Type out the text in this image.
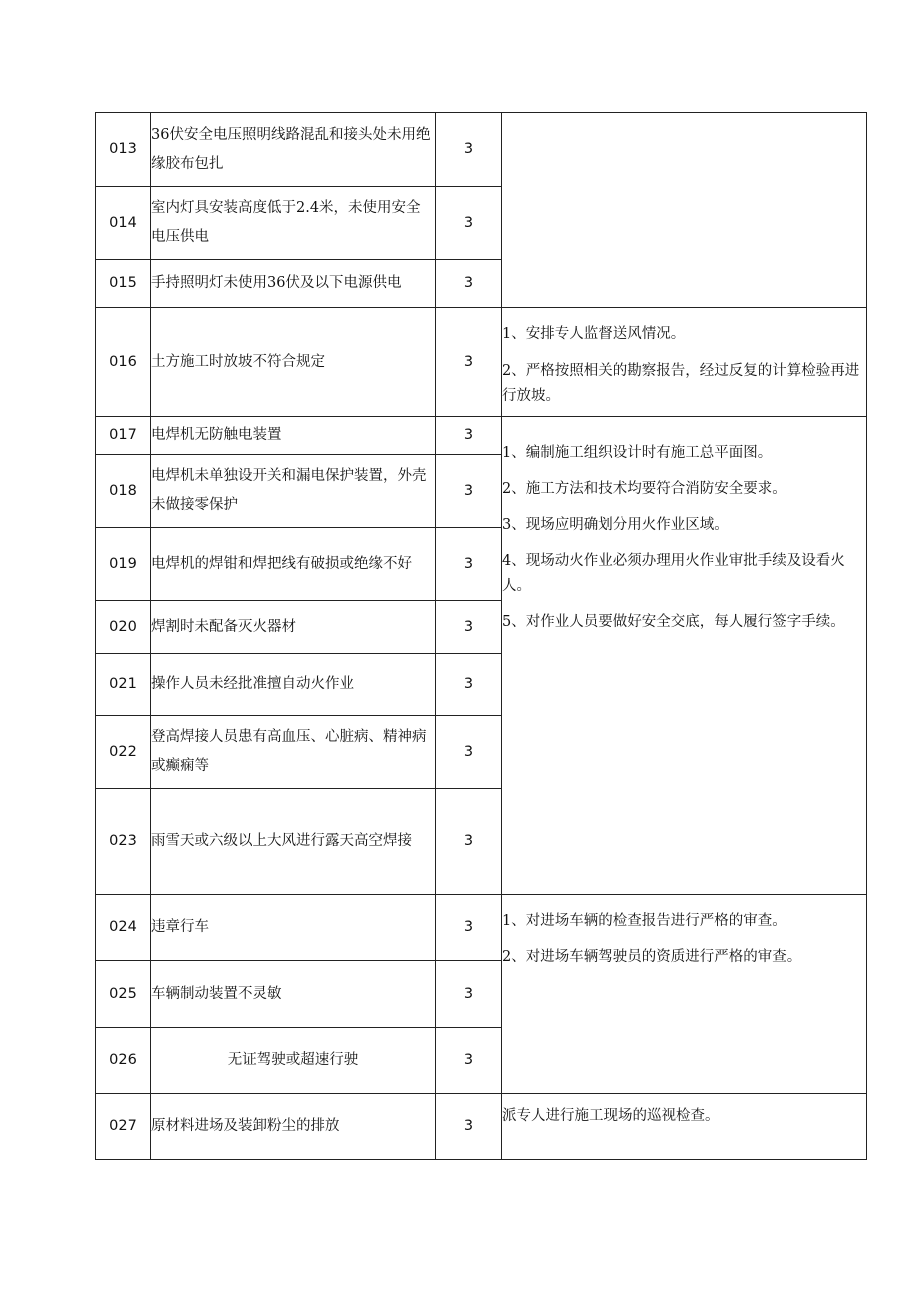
013	36伏安全电压照明线路混乱和接头处未用绝缘胶布包扎	3	
014	室内灯具安装高度低于2.4米，未使用安全电压供电	3	
015	手持照明灯未使用36伏及以下电源供电	3	
016	土方施工时放坡不符合规定	3	1、安排专人监督送风情况。
2、严格按照相关的勘察报告，经过反复的计算检验再进行放坡。

017	电焊机无防触电装置	3	1、编制施工组织设计时有施工总平面图。
2、施工方法和技术均要符合消防安全要求。
3、现场应明确划分用火作业区域。
4、现场动火作业必须办理用火作业审批手续及设看火人。
5、对作业人员要做好安全交底，每人履行签字手续。

018	电焊机未单独设开关和漏电保护装置，外壳未做接零保护	3	
019	电焊机的焊钳和焊把线有破损或绝缘不好	3	
020	焊割时未配备灭火器材	3	
021	操作人员未经批准擅自动火作业	3	
022	登高焊接人员患有高血压、心脏病、精神病或癫痫等	3	
023	雨雪天或六级以上大风进行露天高空焊接	3	
024	违章行车	3	1、对进场车辆的检查报告进行严格的审查。
2、对进场车辆驾驶员的资质进行严格的审查。

025	车辆制动装置不灵敏	3	
026	无证驾驶或超速行驶	3	
027	原材料进场及装卸粉尘的排放	3	派专人进行施工现场的巡视检查。
